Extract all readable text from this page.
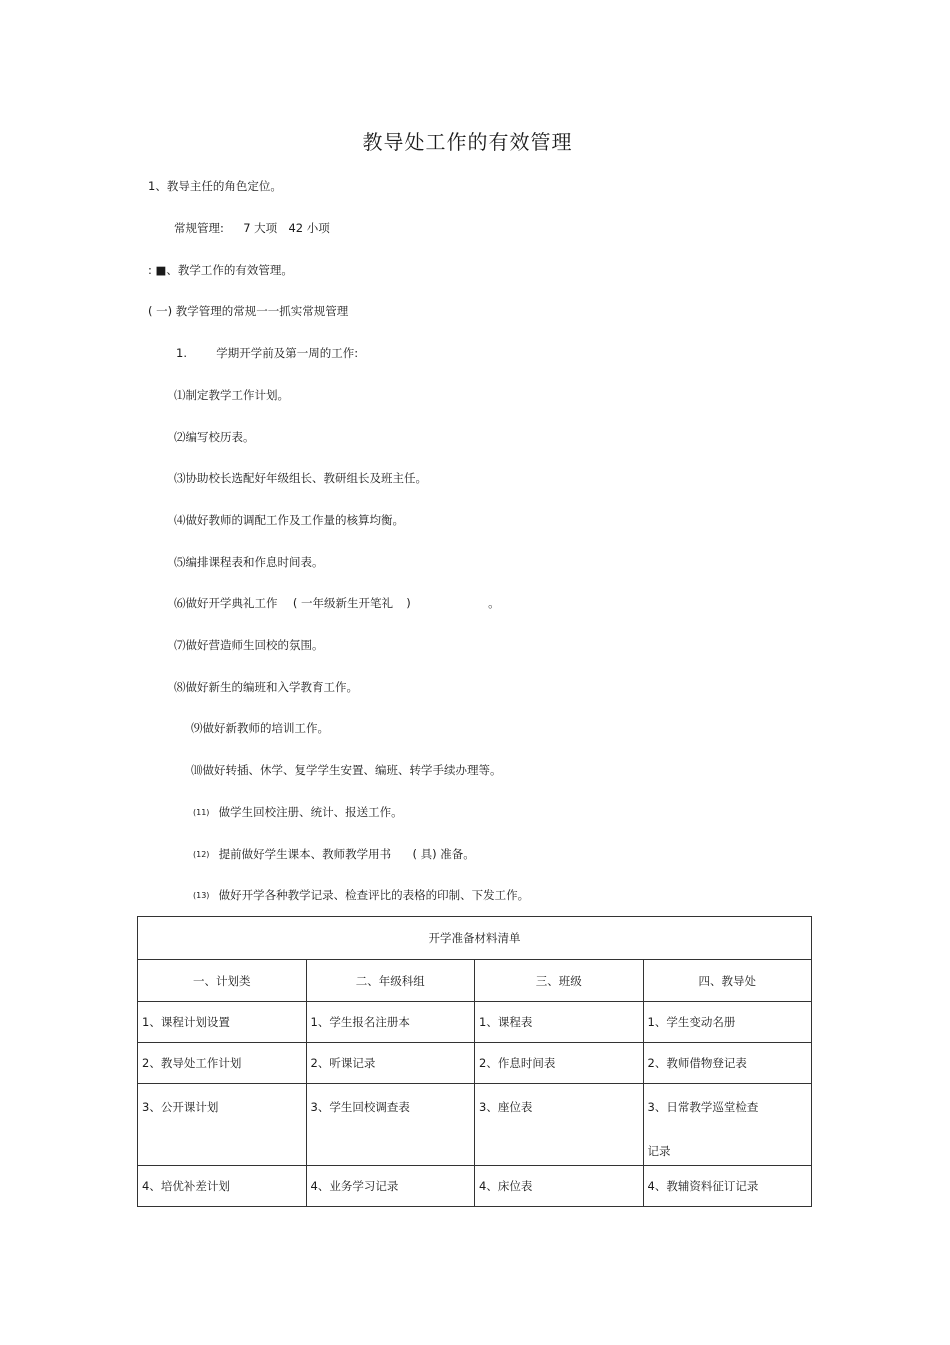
教导处工作的有效管理
1、教导主任的角色定位。
常规管理: 7 大项 42 小项
: ■、教学工作的有效管理。
( 一) 教学管理的常规一一抓实常规管理
1.	学期开学前及第一周的工作:
⑴制定教学工作计划。
⑵编写校历表。
⑶协助校长选配好年级组长、教研组长及班主任。
⑷做好教师的调配工作及工作量的核算均衡。
⑸编排课程表和作息时间表。
⑹做好开学典礼工作 ( 一年级新生开笔礼 )	。
⑺做好营造师生回校的氛围。
⑻做好新生的编班和入学教育工作。
⑼做好新教师的培训工作。
⑽做好转插、休学、复学学生安置、编班、转学手续办理等。
(11) 做学生回校注册、统计、报送工作。
(12) 提前做好学生课本、教师教学用书 ( 具) 准备。
(13) 做好开学各种教学记录、检查评比的表格的印制、下发工作。
开学准备材料清单			
一、计划类	二、年级科组	三、班级	四、教导处
1、课程计划设置	1、学生报名注册本	1、课程表	1、学生变动名册
2、教导处工作计划	2、听课记录	2、作息时间表	2、教师借物登记表

3、公开课计划	3、学生回校调查表	3、座位表	3、日常教学巡堂检查
记录

4、培优补差计划	4、业务学习记录	4、床位表	4、教辅资料征订记录
